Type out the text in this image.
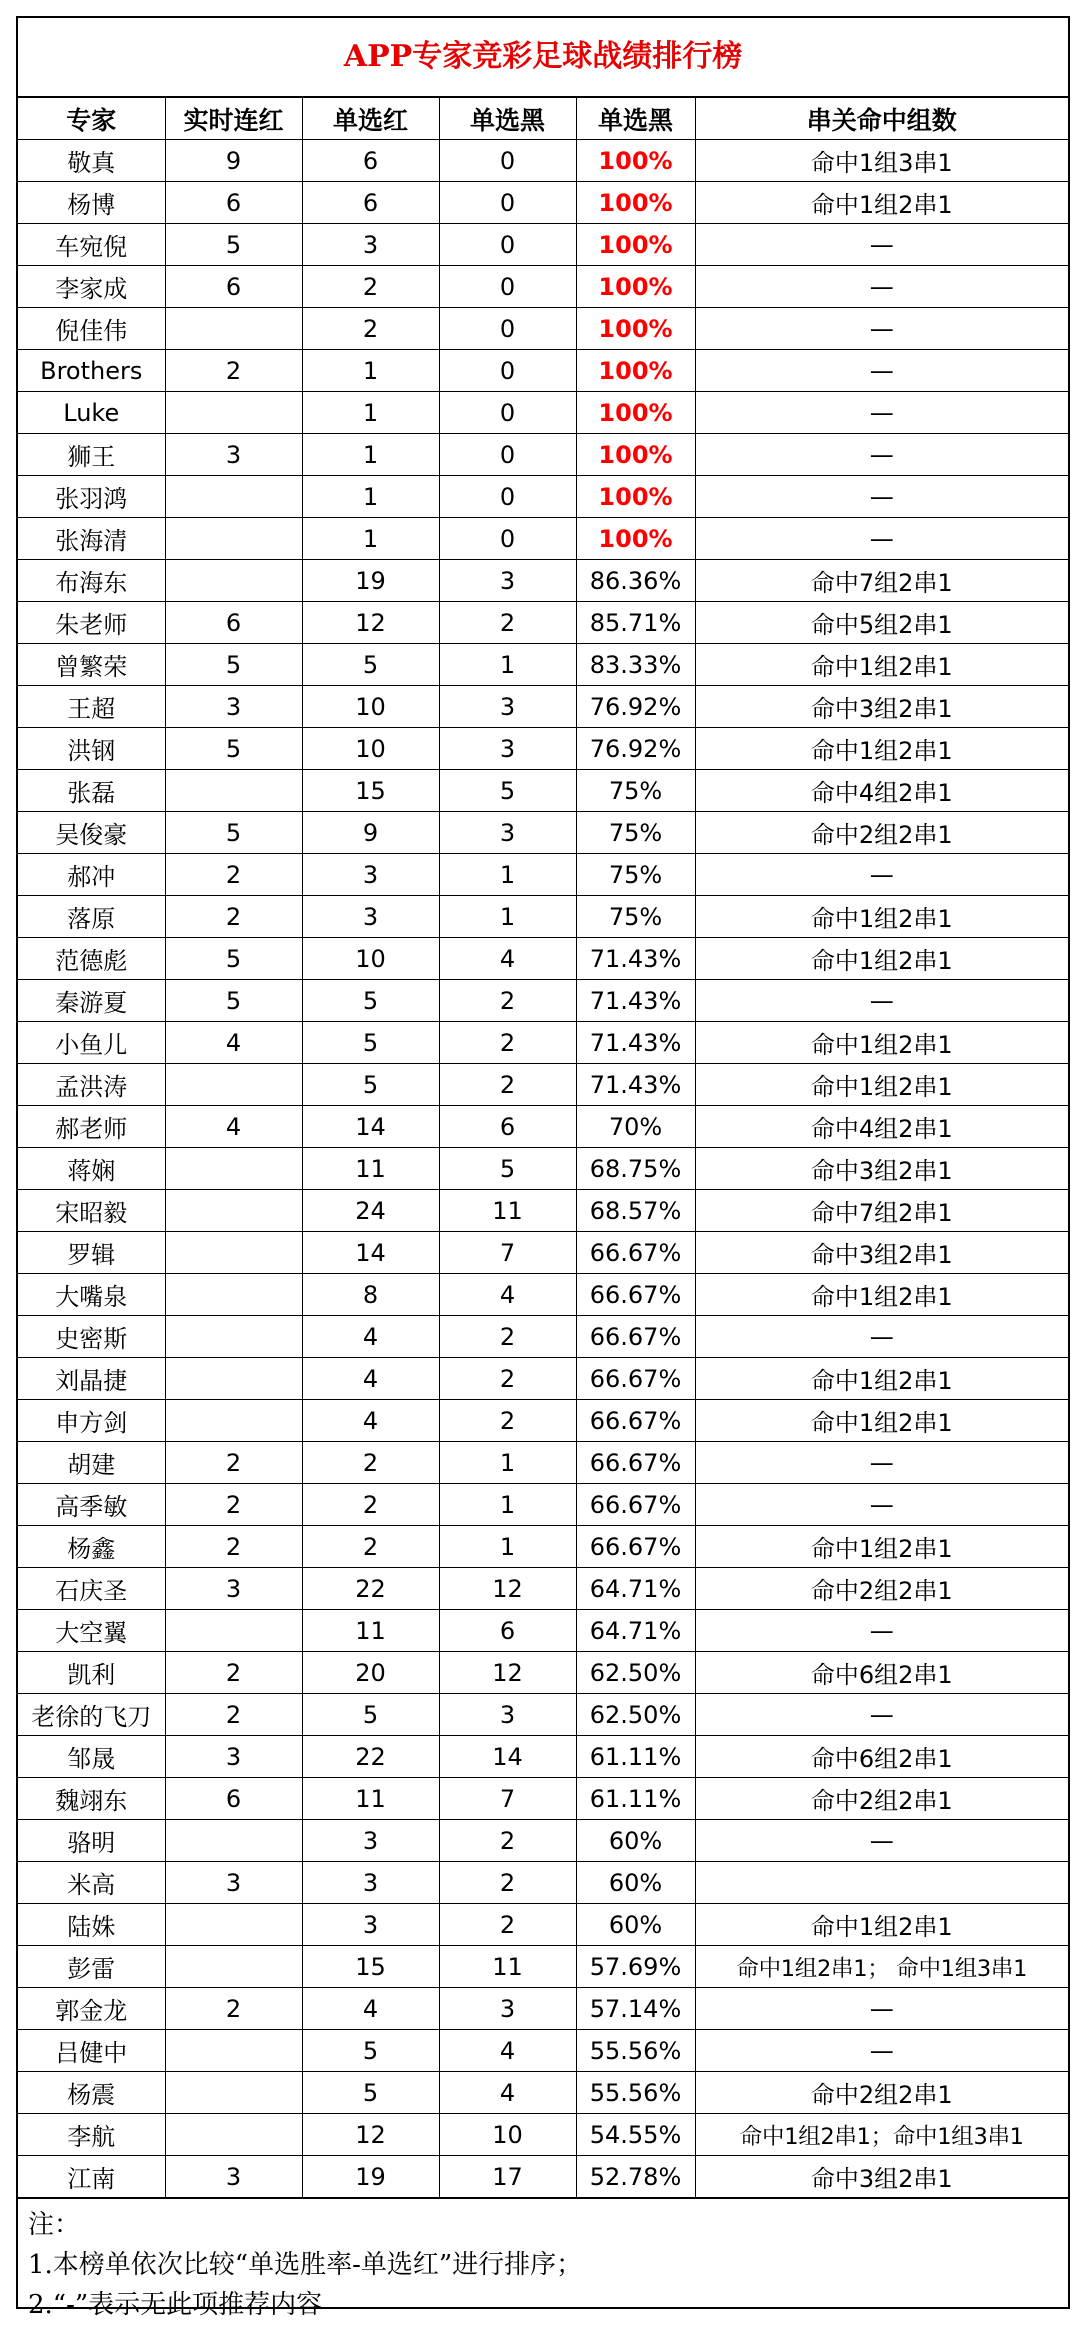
APP专家竞彩足球战绩排行榜
专家	实时连红	单选红	单选黑	单选黑	串关命中组数
敬真	9	6	0	100%	命中1组3串1
杨博	6	6	0	100%	命中1组2串1
车宛倪	5	3	0	100%	—
李家成	6	2	0	100%	—
倪佳伟		2	0	100%	—
Brothers	2	1	0	100%	—
Luke		1	0	100%	—
狮王	3	1	0	100%	—
张羽鸿		1	0	100%	—
张海清		1	0	100%	—
布海东		19	3	86.36%	命中7组2串1
朱老师	6	12	2	85.71%	命中5组2串1
曾繁荣	5	5	1	83.33%	命中1组2串1
王超	3	10	3	76.92%	命中3组2串1
洪钢	5	10	3	76.92%	命中1组2串1
张磊		15	5	75%	命中4组2串1
吴俊豪	5	9	3	75%	命中2组2串1
郝冲	2	3	1	75%	—
落原	2	3	1	75%	命中1组2串1
范德彪	5	10	4	71.43%	命中1组2串1
秦游夏	5	5	2	71.43%	—
小鱼儿	4	5	2	71.43%	命中1组2串1
孟洪涛		5	2	71.43%	命中1组2串1
郝老师	4	14	6	70%	命中4组2串1
蒋娴		11	5	68.75%	命中3组2串1
宋昭毅		24	11	68.57%	命中7组2串1
罗辑		14	7	66.67%	命中3组2串1
大嘴泉		8	4	66.67%	命中1组2串1
史密斯		4	2	66.67%	—
刘晶捷		4	2	66.67%	命中1组2串1
申方剑		4	2	66.67%	命中1组2串1
胡建	2	2	1	66.67%	—
高季敏	2	2	1	66.67%	—
杨鑫	2	2	1	66.67%	命中1组2串1
石庆圣	3	22	12	64.71%	命中2组2串1
大空翼		11	6	64.71%	—
凯利	2	20	12	62.50%	命中6组2串1
老徐的飞刀	2	5	3	62.50%	—
邹晟	3	22	14	61.11%	命中6组2串1
魏翊东	6	11	7	61.11%	命中2组2串1
骆明		3	2	60%	—
米高	3	3	2	60%	
陆姝		3	2	60%	命中1组2串1
彭雷		15	11	57.69%	命中1组2串1； 命中1组3串1
郭金龙	2	4	3	57.14%	—
吕健中		5	4	55.56%	—
杨震		5	4	55.56%	命中2组2串1
李航		12	10	54.55%	命中1组2串1；命中1组3串1
江南	3	19	17	52.78%	命中3组2串1
注：
1.本榜单依次比较“单选胜率-单选红”进行排序；
2.“-”表示无此项推荐内容
